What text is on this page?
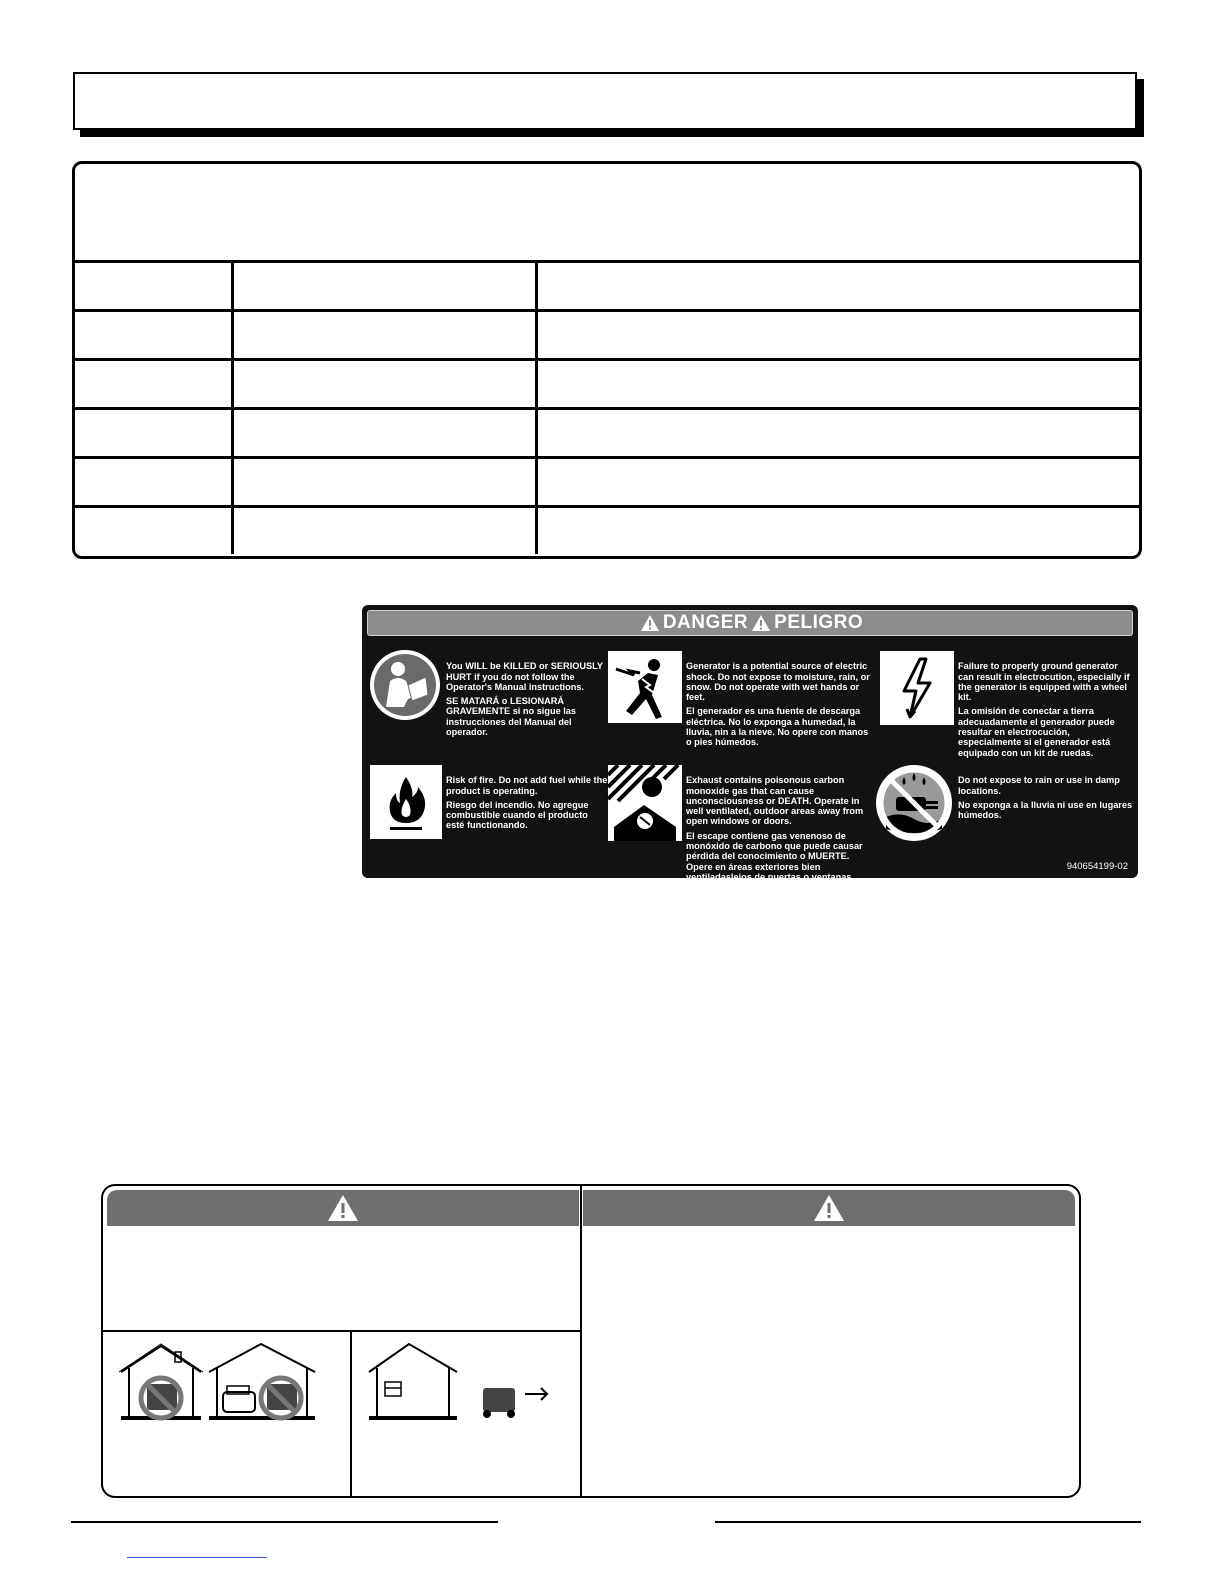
DANGER PELIGRO

You WILL be KILLED or SERIOUSLY HURT if you do not follow the Operator's Manual instructions.

SE MATARÁ o LESIONARÁ GRAVEMENTE si no sigue las instrucciones del Manual del operador.

Generator is a potential source of electric shock. Do not expose to moisture, rain, or snow. Do not operate with wet hands or feet.

El generador es una fuente de descarga eléctrica. No lo exponga a humedad, la lluvia, nin a la nieve. No opere con manos o pies húmedos.

Failure to properly ground generator can result in electrocution, especially if the generator is equipped with a wheel kit.

La omisión de conectar a tierra adecuadamente el generador puede resultar en electrocución, especialmente si el generador está equipado con un kit de ruedas.

Risk of fire. Do not add fuel while the product is operating.

Riesgo del incendio. No agregue combustible cuando el producto esté functionando.

Exhaust contains poisonous carbon monoxide gas that can cause unconsciousness or DEATH. Operate in well ventilated, outdoor areas away from open windows or doors.

El escape contiene gas venenoso de monóxido de carbono que puede causar pérdida del conocimiento o MUERTE. Opere en áreas exteriores bien ventiladaslejos de puertas o ventanas abiertas.

Do not expose to rain or use in damp locations.

No exponga a la lluvia ni use en lugares húmedos.

940654199-02
